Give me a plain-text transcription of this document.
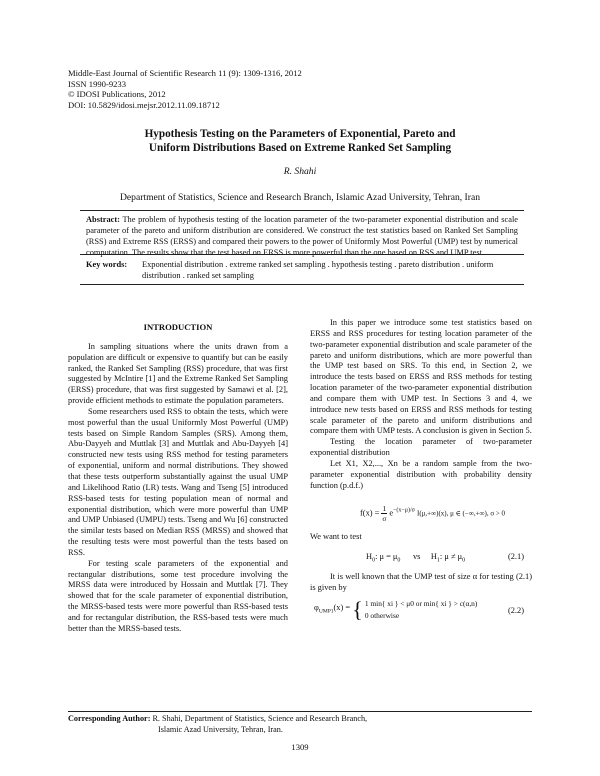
Middle-East Journal of Scientific Research 11 (9): 1309-1316, 2012
ISSN 1990-9233
© IDOSI Publications, 2012
DOI: 10.5829/idosi.mejsr.2012.11.09.18712
Hypothesis Testing on the Parameters of Exponential, Pareto and
Uniform Distributions Based on Extreme Ranked Set Sampling
R. Shahi
Department of Statistics, Science and Research Branch, Islamic Azad University, Tehran, Iran
Abstract: The problem of hypothesis testing of the location parameter of the two-parameter exponential distribution and scale parameter of the pareto and uniform distribution are considered. We construct the test statistics based on Ranked Set Sampling (RSS) and Extreme RSS (ERSS) and compared their powers to the power of Uniformly Most Powerful (UMP) test by numerical computation. The results show that the test based on ERSS is more powerful than the one based on RSS and UMP test.
Key words: Exponential distribution . extreme ranked set sampling . hypothesis testing . pareto distribution . uniform distribution . ranked set sampling

INTRODUCTION

In sampling situations where the units drawn from a population are difficult or expensive to quantify but can be easily ranked, the Ranked Set Sampling (RSS) procedure, that was first suggested by McIntire [1] and the Extreme Ranked Set Sampling (ERSS) procedure, that was first suggested by Samawi et al. [2], provide efficient methods to estimate the population parameters.

Some researchers used RSS to obtain the tests, which were most powerful than the usual Uniformly Most Powerful (UMP) tests based on Simple Random Samples (SRS). Among them, Abu-Dayyeh and Muttlak [3] and Muttlak and Abu-Dayyeh [4] constructed new tests using RSS method for testing parameters of exponential, uniform and normal distributions. They showed that these tests outperform substantially against the usual UMP and Likelihood Ratio (LR) tests. Wang and Tseng [5] introduced RSS-based tests for testing population mean of normal and exponential distribution, which were more powerful than UMP and UMP Unbiased (UMPU) tests. Tseng and Wu [6] constructed the similar tests based on Median RSS (MRSS) and showed that the resulting tests were most powerful than the tests based on RSS.

For testing scale parameters of the exponential and rectangular distributions, some test procedure involving the MRSS data were introduced by Hossain and Muttlak [7]. They showed that for the scale parameter of exponential distribution, the MRSS-based tests were more powerful than RSS-based tests and for rectangular distribution, the RSS-based tests were much better than the MRSS-based tests.

In this paper we introduce some test statistics based on ERSS and RSS procedures for testing location parameter of the two-parameter exponential distribution and scale parameter of the pareto and uniform distributions, which are more powerful than the UMP test based on SRS. To this end, in Section 2, we introduce the tests based on ERSS and RSS methods for testing location parameter of the two-parameter exponential distribution and compare them with UMP test. In Sections 3 and 4, we introduce new tests based on ERSS and RSS methods for testing scale parameter of the pareto and uniform distributions and compare them with UMP tests. A conclusion is given in Section 5.

Testing the location parameter of two-parameter exponential distribution

Let X1, X2,..., Xn be a random sample from the two-parameter exponential distribution with probability density function (p.d.f.)

$f(x) = \frac{1}{\sigma} e^{-(x-\mu)/\sigma}$ I(μ,+∞)(x), μ ∈ (−∞,+∞), σ > 0

We want to test

$H_0$: $\mu = \mu_0$      vs     $H_1$: $\mu \ne \mu_0$	(2.1)

It is well known that the UMP test of size α for testing (2.1) is given by

$\varphi_{UMP1}(x)$ = { 1 min{ xi } < μ0 or min{ xi } > c(α,n)
0 otherwise
(2.2)
Corresponding Author: R. Shahi, Department of Statistics, Science and Research Branch,
Islamic Azad University, Tehran, Iran.
1309
